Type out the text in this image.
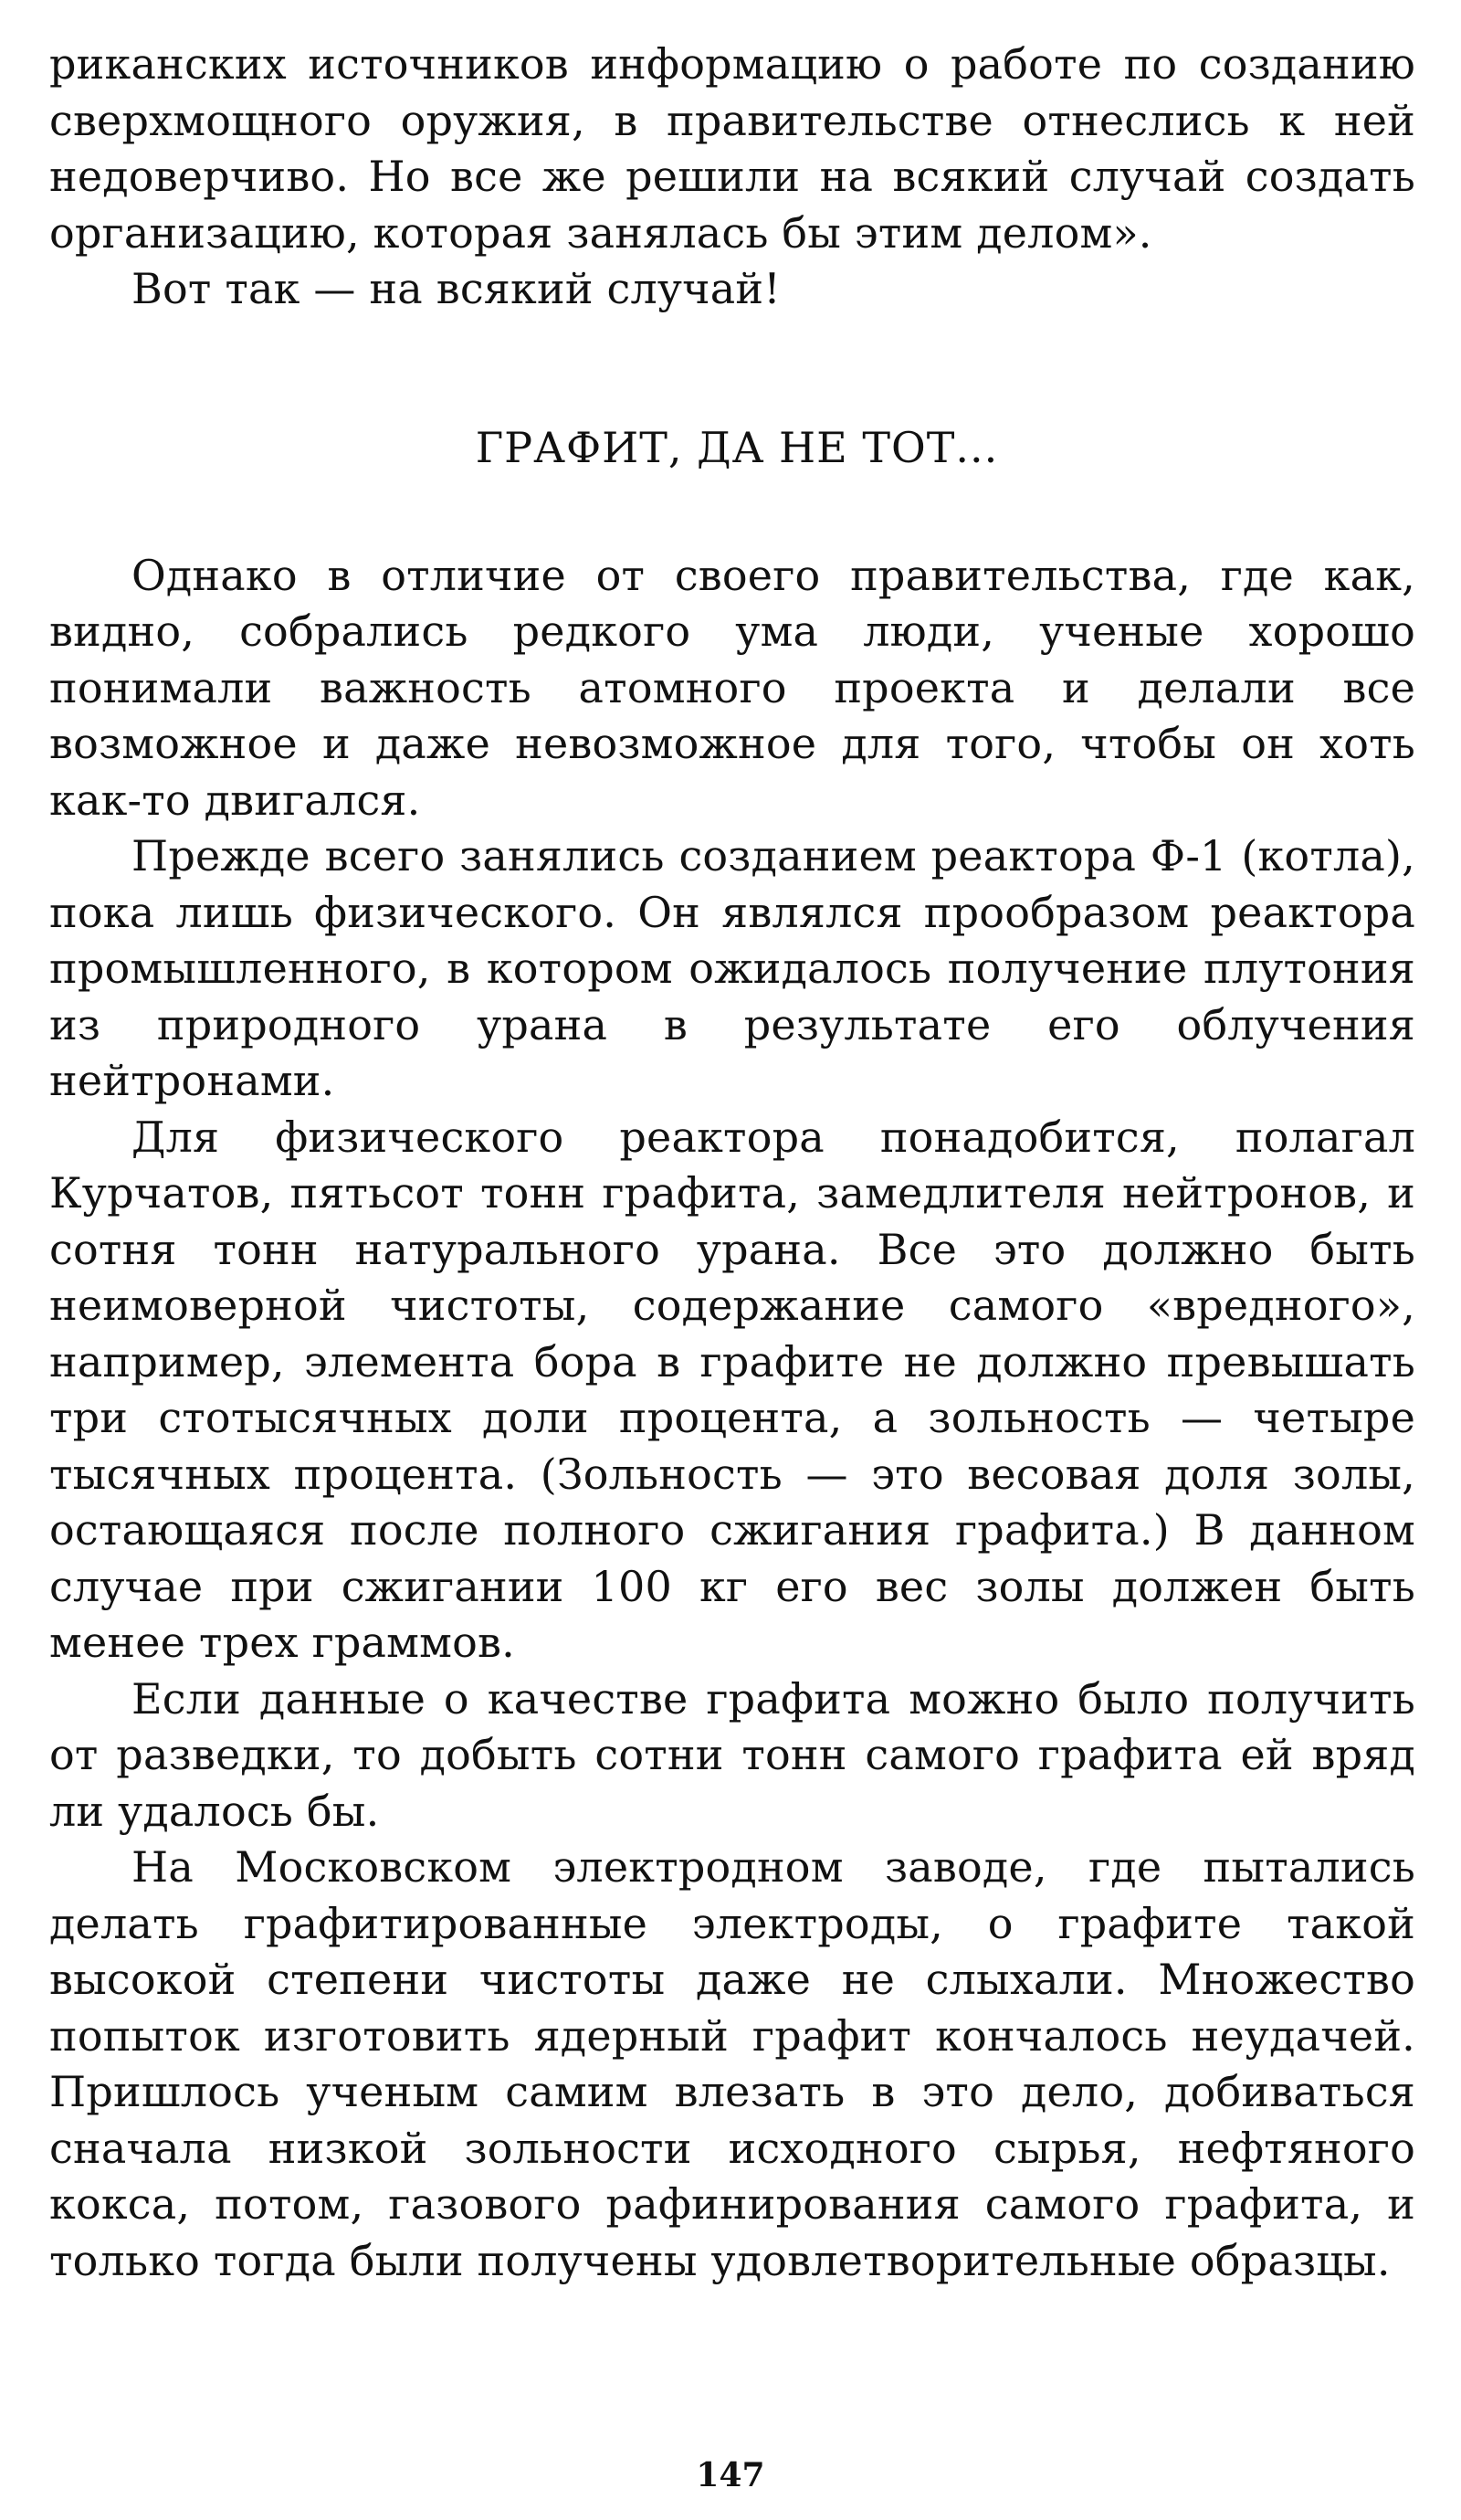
риканских источников информацию о работе по созданию сверхмощного оружия, в правительстве отнеслись к ней недоверчиво. Но все же решили на всякий случай создать организацию, которая занялась бы этим делом».

Вот так — на всякий случай!

ГРАФИТ, ДА НЕ ТОТ...

Однако в отличие от своего правительства, где как, видно, собрались редкого ума люди, ученые хорошо понимали важность атомного проекта и делали все возможное и даже невозможное для того, чтобы он хоть как-то двигался.

Прежде всего занялись созданием реактора Ф-1 (котла), пока лишь физического. Он являлся прообразом реактора промышленного, в котором ожидалось получение плутония из природного урана в результате его облучения нейтронами.

Для физического реактора понадобится, полагал Курчатов, пятьсот тонн графита, замедлителя нейтронов, и сотня тонн натурального урана. Все это должно быть неимоверной чистоты, содержание самого «вредного», например, элемента бора в графите не должно превышать три стотысячных доли процента, а зольность — четыре тысячных процента. (Зольность — это весовая доля золы, остающаяся после полного сжигания графита.) В данном случае при сжигании 100 кг его вес золы должен быть менее трех граммов.

Если данные о качестве графита можно было получить от разведки, то добыть сотни тонн самого графита ей вряд ли удалось бы.

На Московском электродном заводе, где пытались делать графитированные электроды, о графите такой высокой степени чистоты даже не слыхали. Множество попыток изготовить ядерный графит кончалось неудачей. Пришлось ученым самим влезать в это дело, добиваться сначала низкой зольности исходного сырья, нефтяного кокса, потом, газового рафинирования самого графита, и только тогда были получены удовлетворительные образцы.

147
